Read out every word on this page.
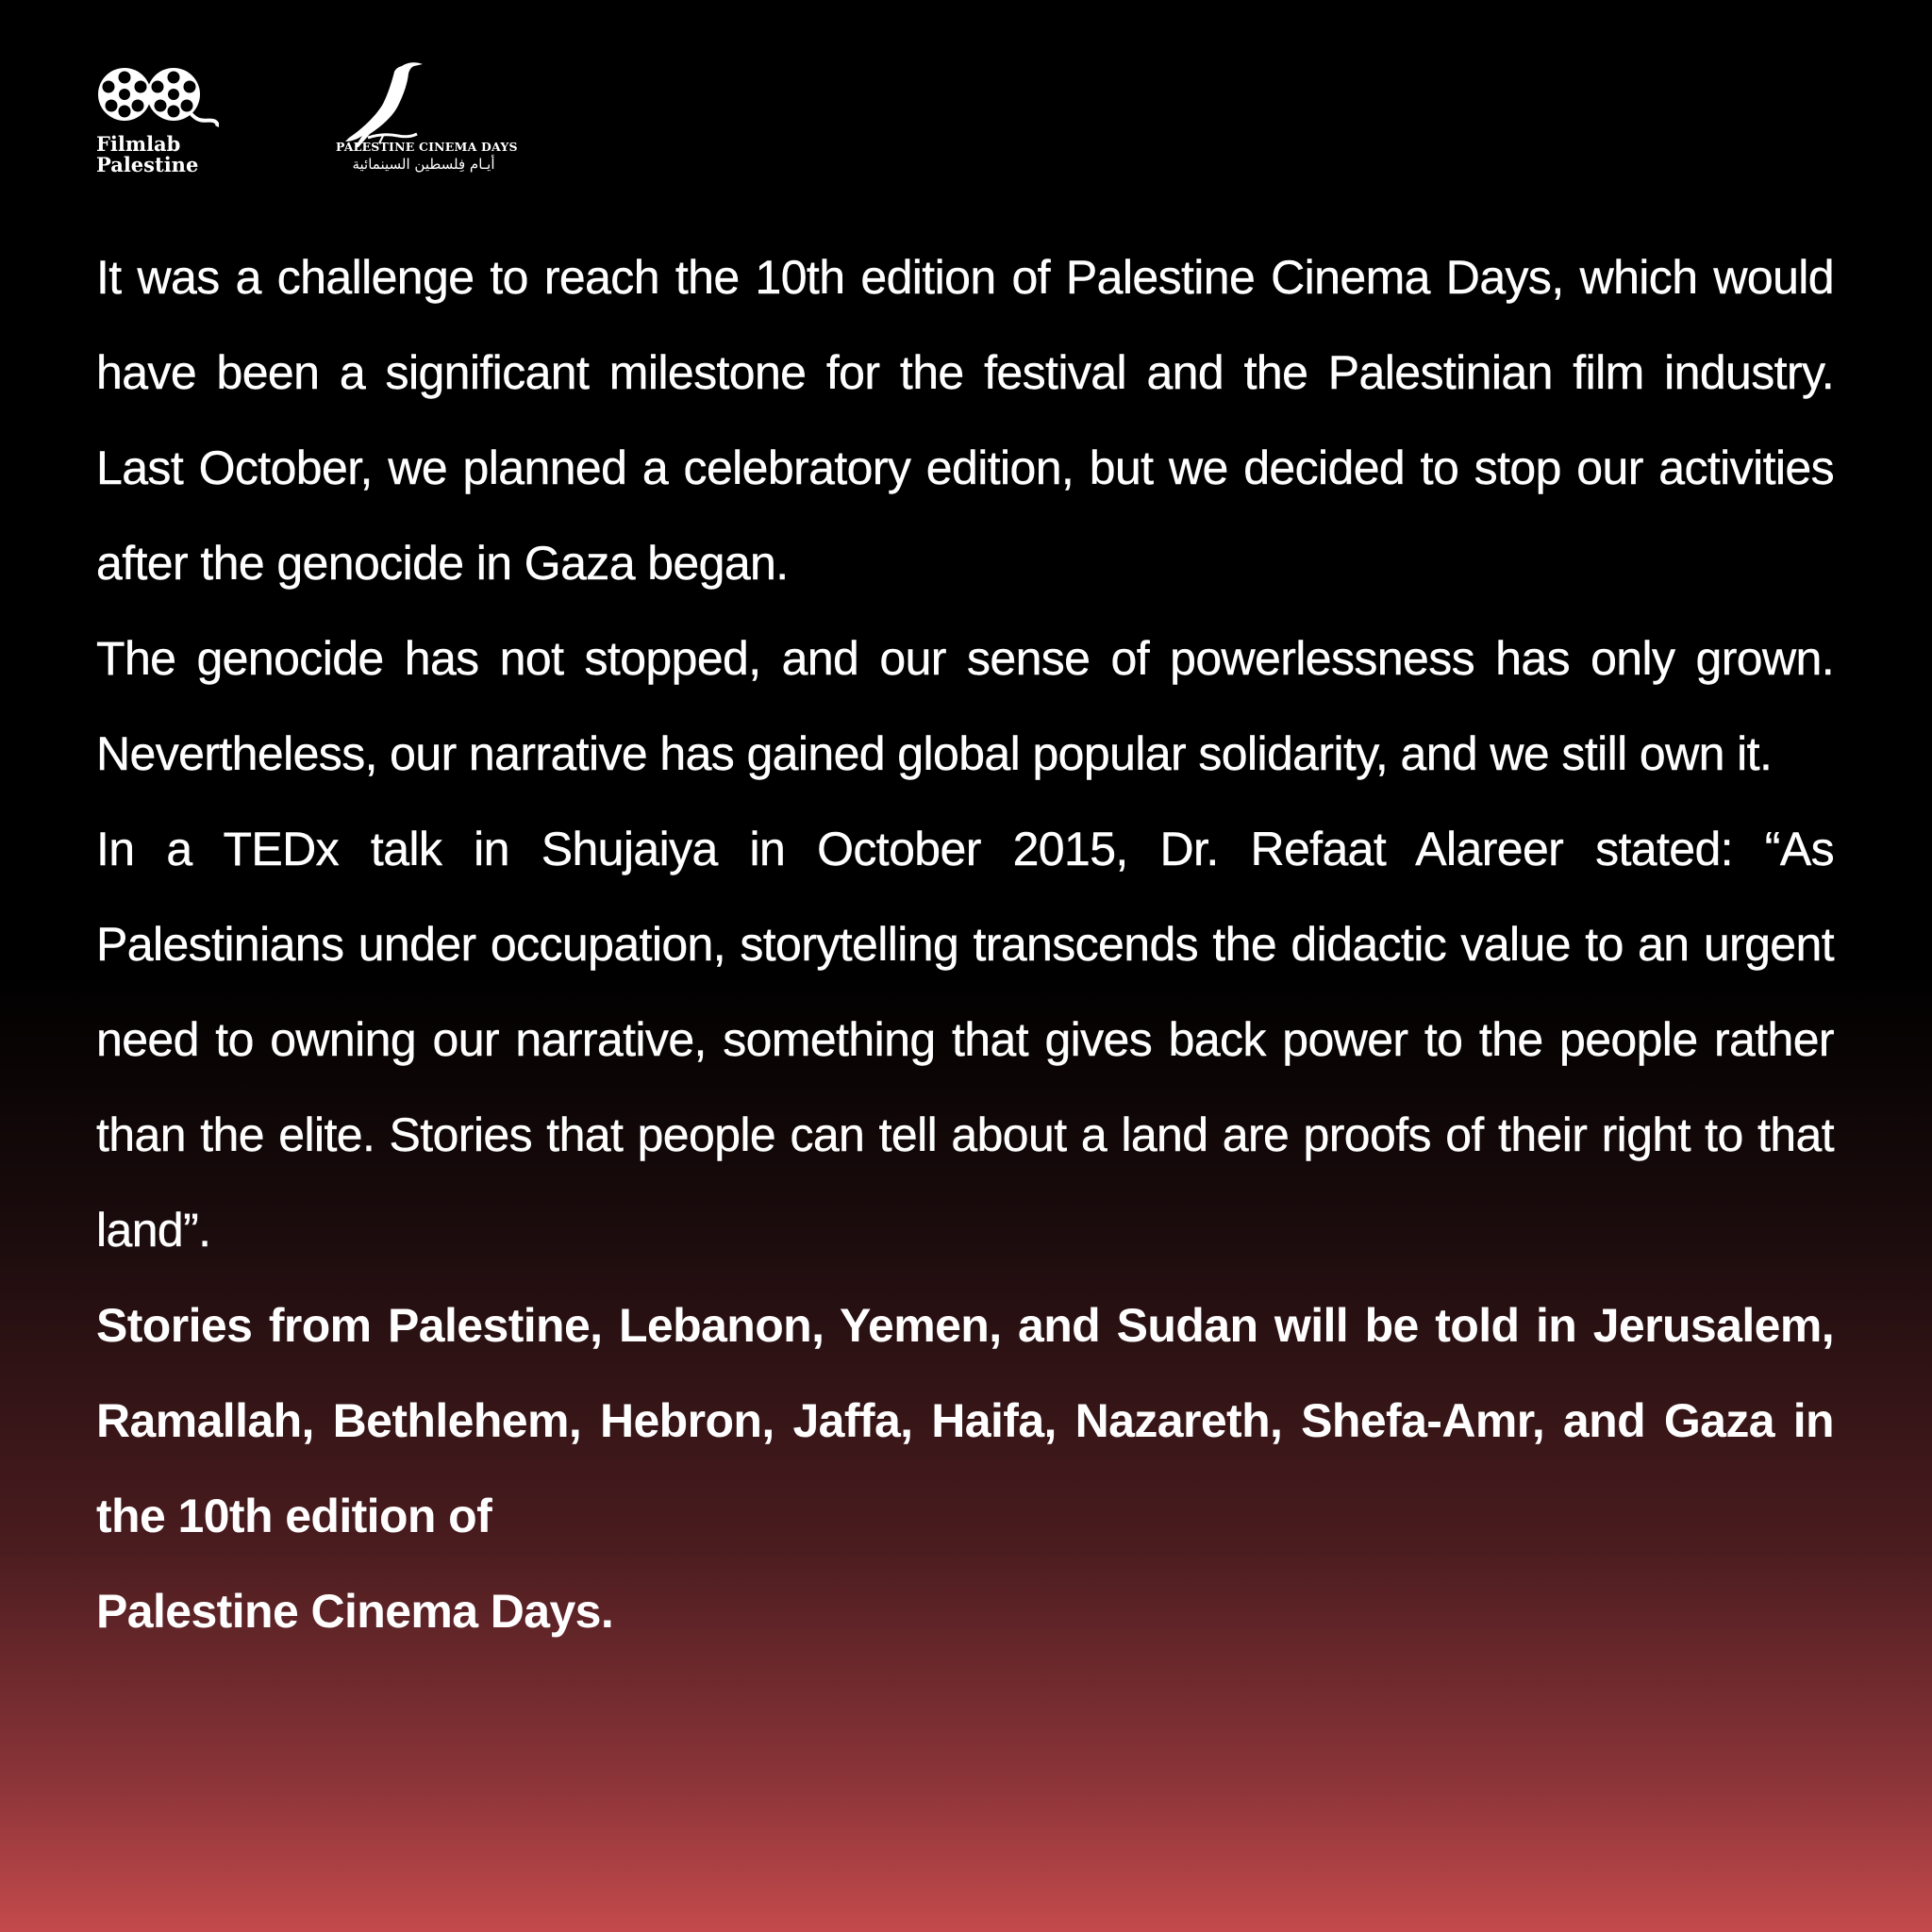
Filmlab
Palestine
PALESTINE CINEMA DAYS
أيـام فِلسطين السينمائية

It was a challenge to reach the 10th edition of Palestine Cinema Days, which would have been a significant milestone for the festival and the Palestinian film industry. Last October, we planned a celebratory edition, but we decided to stop our activities after the genocide in Gaza began.

The genocide has not stopped, and our sense of powerlessness has only grown. Nevertheless, our narrative has gained global popular solidarity, and we still own it.

In a TEDx talk in Shujaiya in October 2015, Dr. Refaat Alareer stated: “As Palestinians under occupation, storytelling transcends the didactic value to an urgent need to owning our narrative, something that gives back power to the people rather than the elite. Stories that people can tell about a land are proofs of their right to that land”.

Stories from Palestine, Lebanon, Yemen, and Sudan will be told in Jerusalem, Ramallah, Bethlehem, Hebron, Jaffa, Haifa, Nazareth, Shefa-Amr, and Gaza in the 10th edition of

Palestine Cinema Days.
